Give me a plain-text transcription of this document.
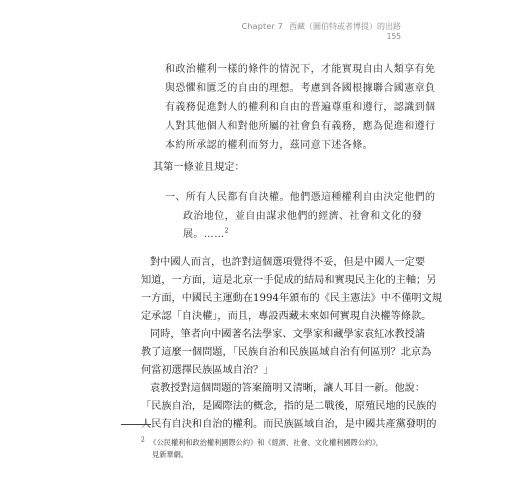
Chapter 7 西藏（圖伯特或者博提）的出路
155
和政治權利一樣的條件的情況下，才能實現自由人類享有免
與恐懼和匱乏的自由的理想。考慮到各國根據聯合國憲章負
有義務促進對人的權利和自由的普遍尊重和遵行，認識到個
人對其他個人和對他所屬的社會負有義務，應為促進和遵行
本約所承認的權利而努力，茲同意下述各條。
其第一條並且規定：
一、所有人民都有自決權。他們憑這種權利自由決定他們的
政治地位，並自由謀求他們的經濟、社會和文化的發
展。……$^2$
對中國人而言，也許對這個選項覺得不妥，但是中國人一定要
知道，一方面，這是北京一手促成的結局和實現民主化的主軸；另
一方面，中國民主運動在1994年頒布的《民主憲法》中不僅明文規
定承認「自決權」，而且，專設西藏未來如何實現自決權等條款。
同時，筆者向中國著名法學家、文學家和藏學家袁紅冰教授請
教了這麼一個問題，「民族自治和民族區域自治有何區別？北京為
何當初選擇民族區域自治？」
袁教授對這個問題的答案簡明又清晰，讓人耳目一新。他說：
「民族自治，是國際法的概念，指的是二戰後，原殖民地的民族的
人民有自決和自治的權利。而民族區域自治，是中國共產黨發明的
$^2$ 《公民權利和政治權利國際公約》和《經濟、社會、文化權利國際公約》，
見新華網。
